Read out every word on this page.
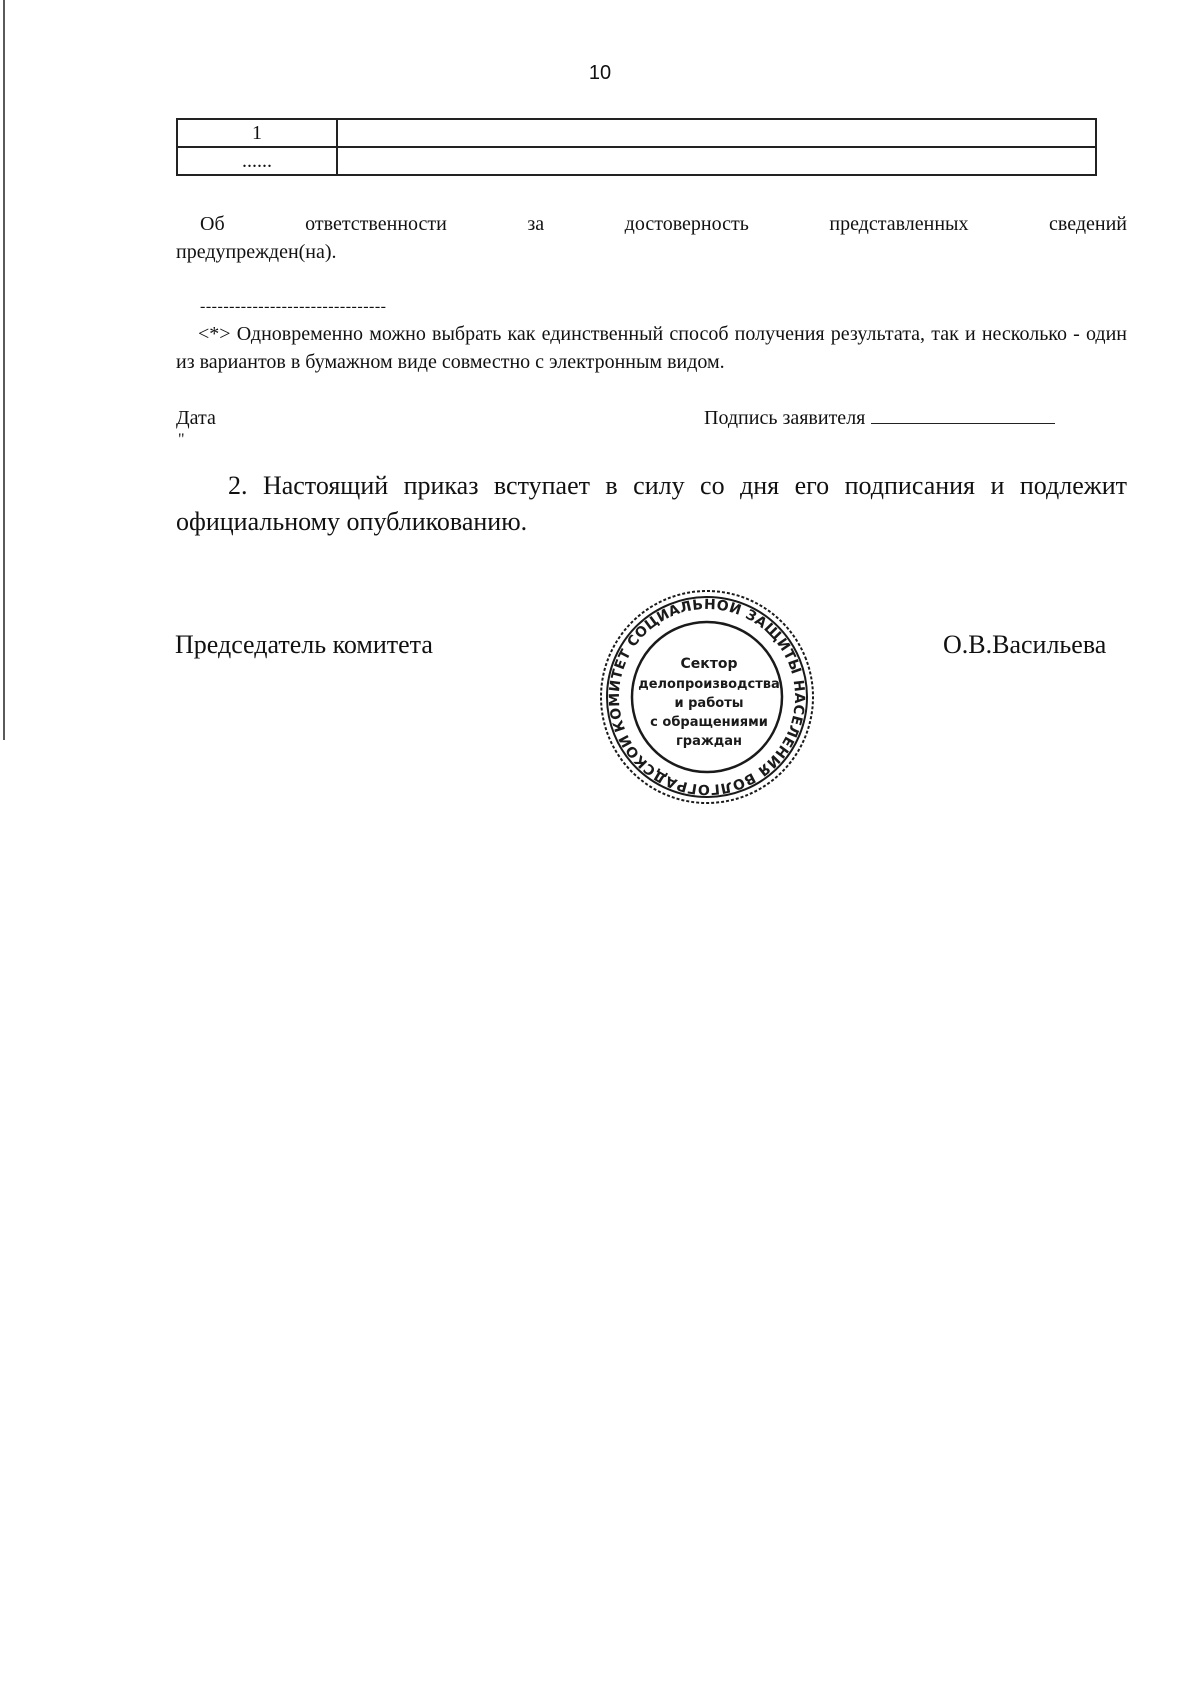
10
1	
......	
Об	ответственности	за	достоверность	представленных	сведений
предупрежден(на).
--------------------------------
<*> Одновременно можно выбрать как единственный способ получения результата, так и несколько - один из вариантов в бумажном виде совместно с электронным видом.
Дата
"
Подпись заявителя
2. Настоящий приказ вступает в силу со дня его подписания и подлежит официальному опубликованию.
Председатель комитета	О.В.Васильева
КОМИТЕТ СОЦИАЛЬНОЙ ЗАЩИТЫ НАСЕЛЕНИЯ ВОЛГОГРАДСКОЙ
Сектор
делопроизводства
и работы
с обращениями
граждан
